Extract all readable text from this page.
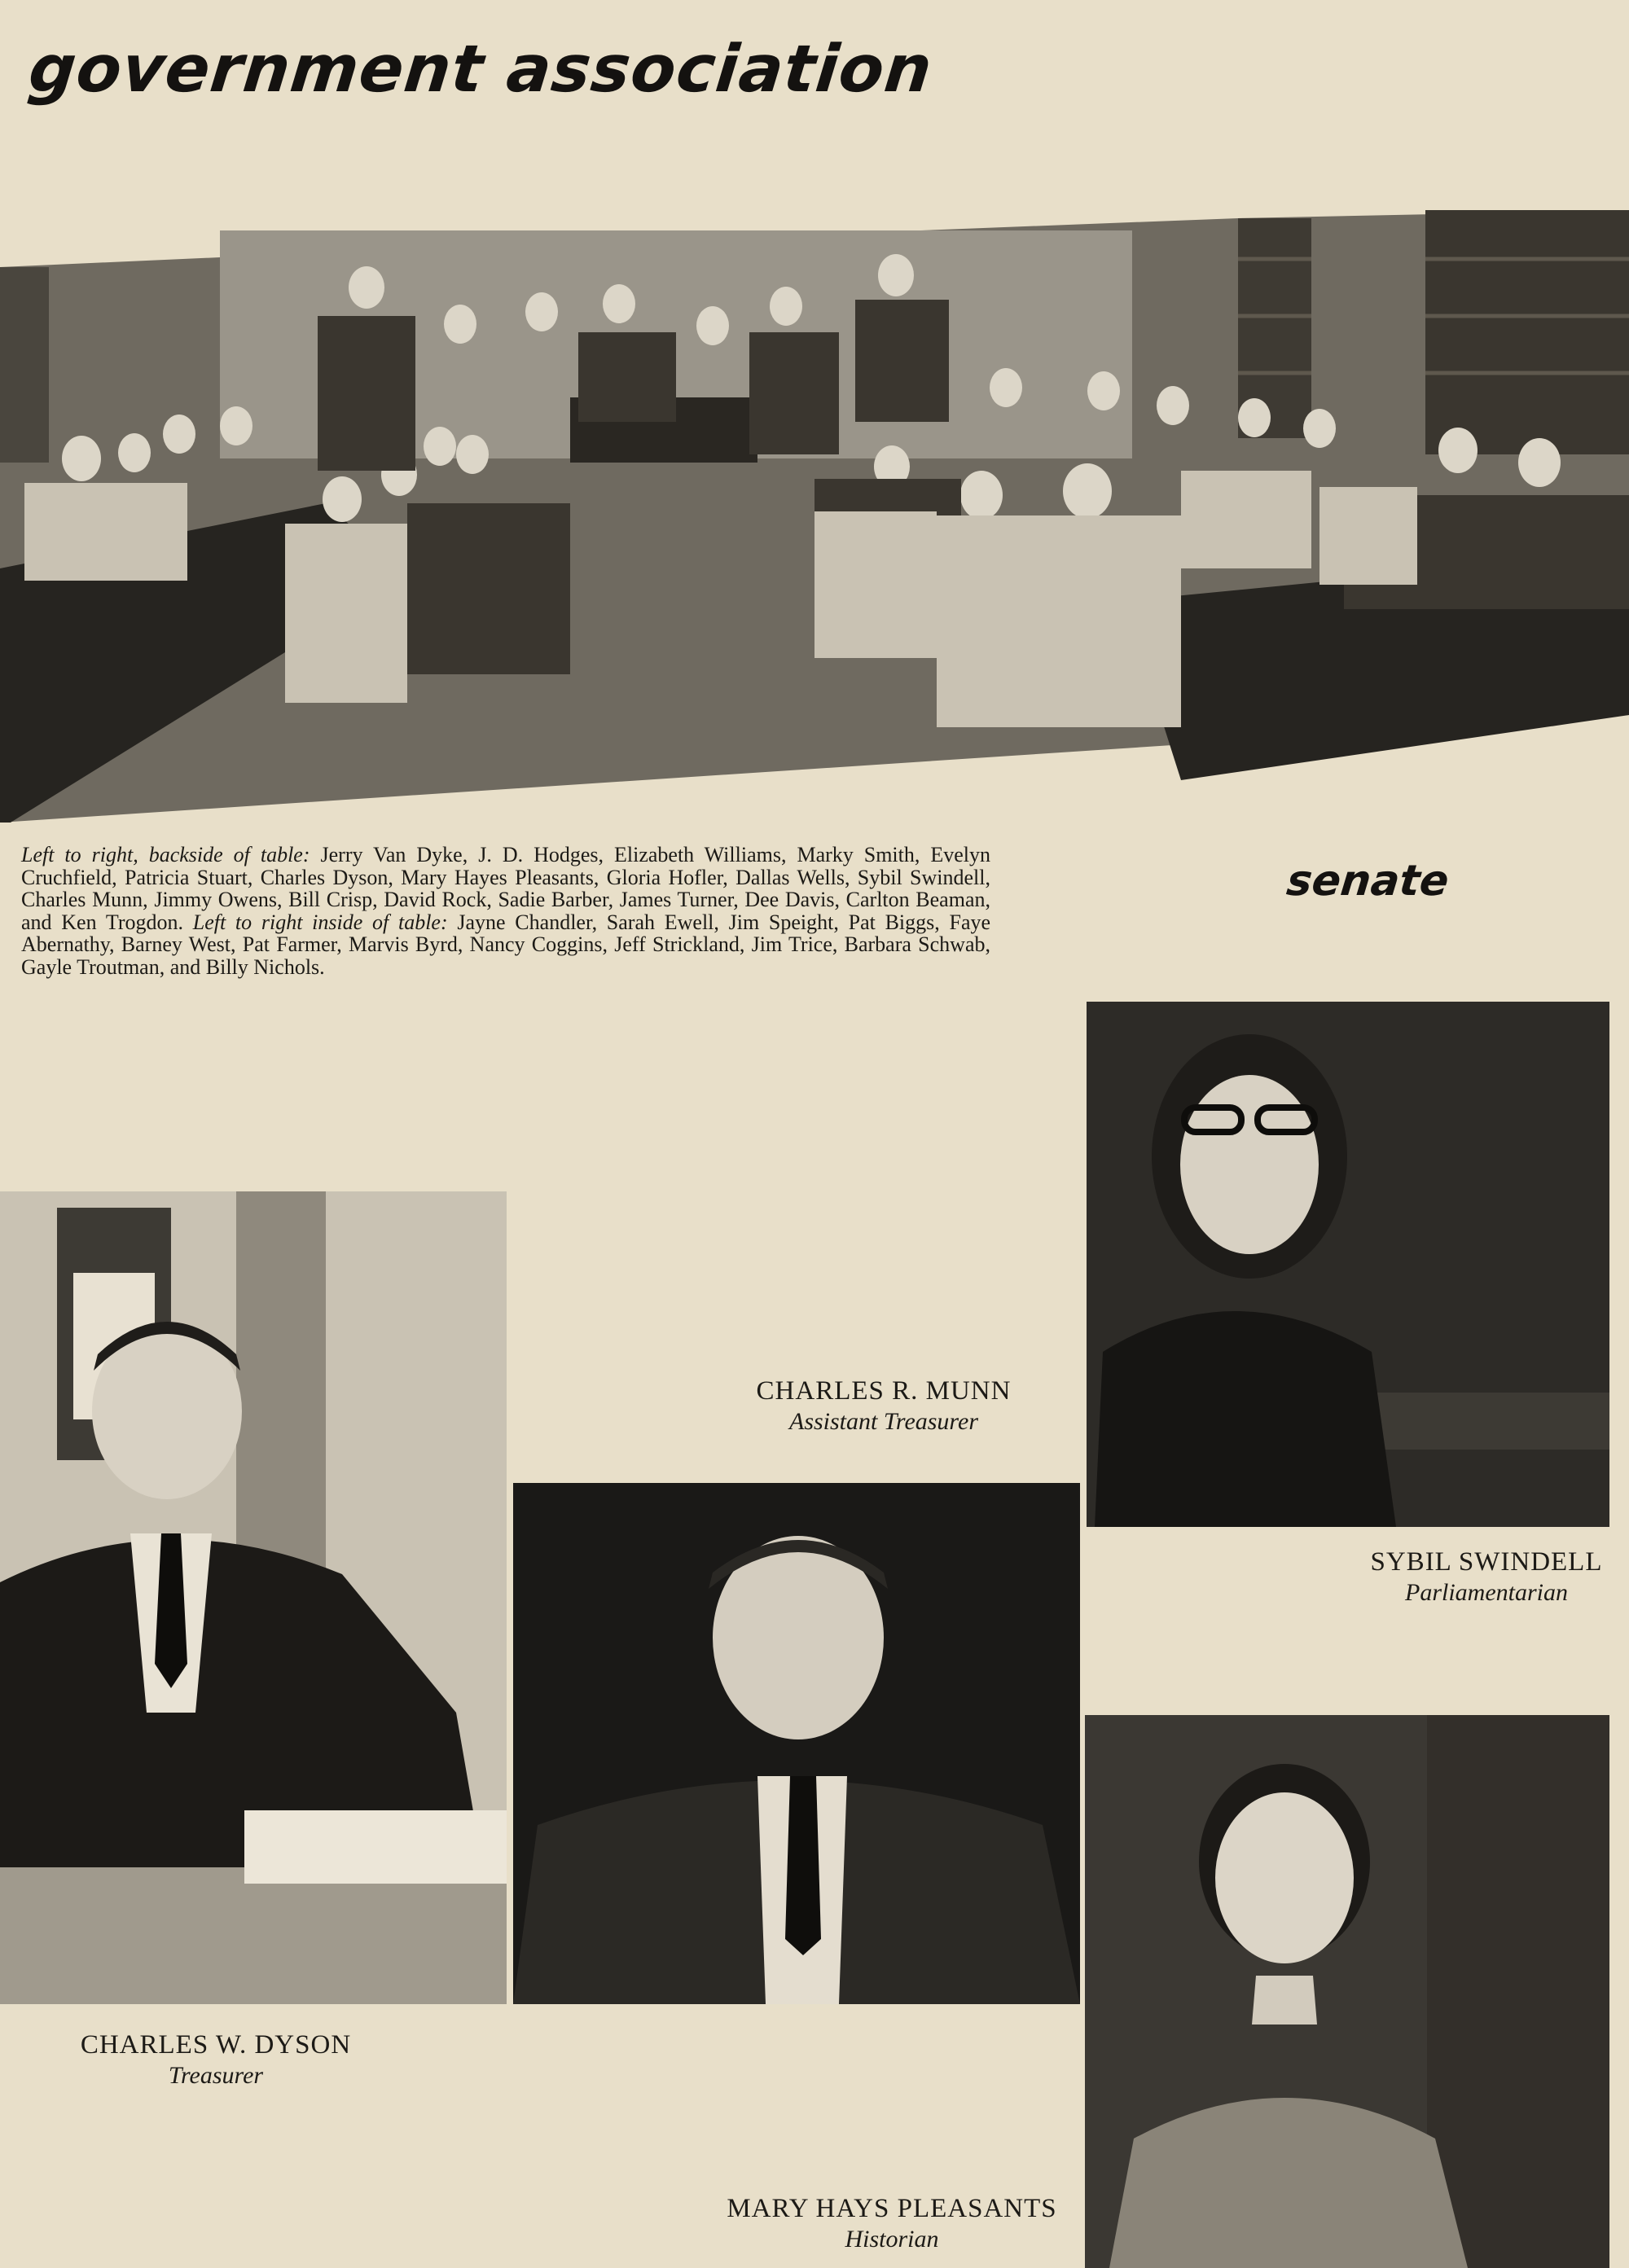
government association
Left to right, backside of table: Jerry Van Dyke, J. D. Hodges, Elizabeth Williams, Marky Smith, Evelyn Cruchfield, Patricia Stuart, Charles Dyson, Mary Hayes Pleasants, Gloria Hofler, Dallas Wells, Sybil Swindell, Charles Munn, Jimmy Owens, Bill Crisp, David Rock, Sadie Barber, James Turner, Dee Davis, Carlton Beaman, and Ken Trogdon. Left to right inside of table: Jayne Chandler, Sarah Ewell, Jim Speight, Pat Biggs, Faye Abernathy, Barney West, Pat Farmer, Marvis Byrd, Nancy Coggins, Jeff Strickland, Jim Trice, Barbara Schwab, Gayle Troutman, and Billy Nichols.
senate
SYBIL SWINDELL
Parliamentarian
CHARLES R. MUNN
Assistant Treasurer
CHARLES W. DYSON
Treasurer
MARY HAYS PLEASANTS
Historian
